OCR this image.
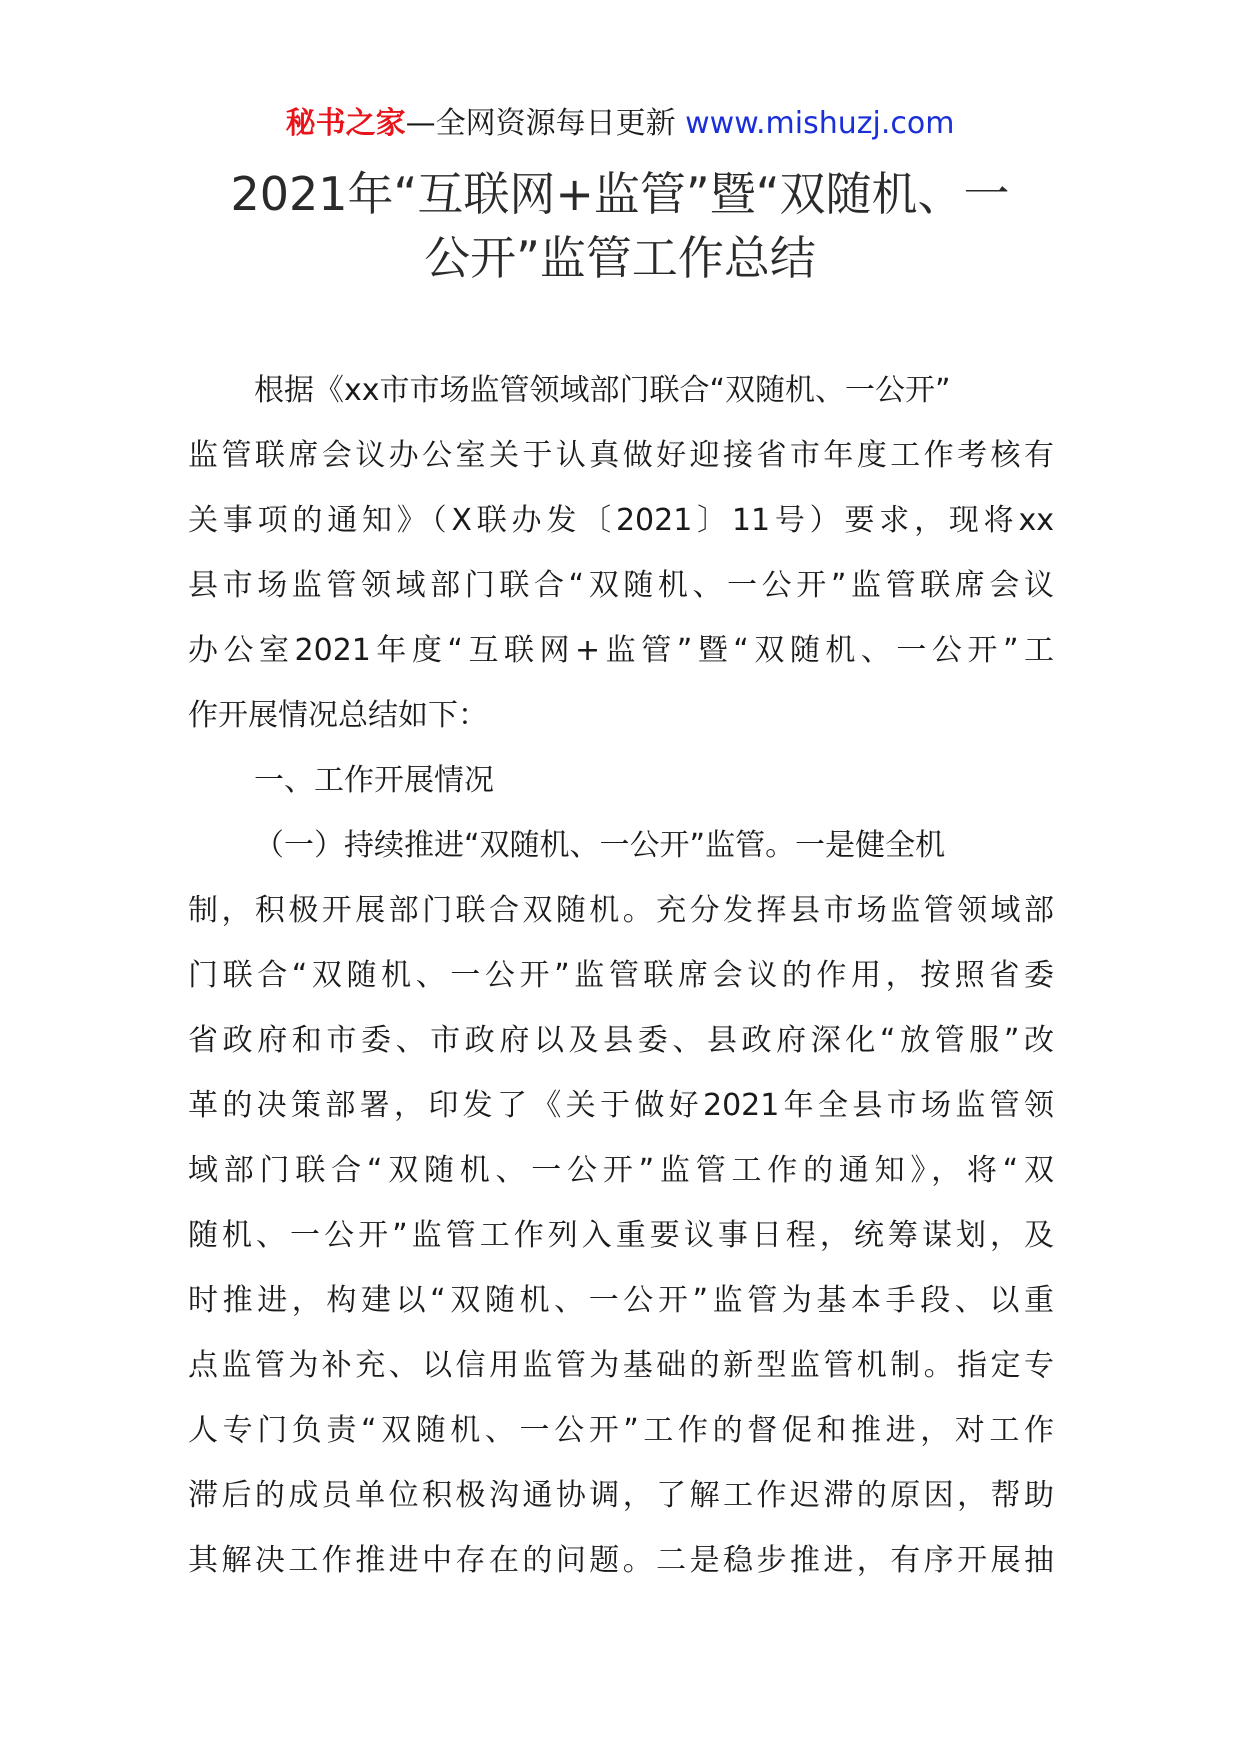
秘书之家—全网资源每日更新 www.mishuzj.com
2021年“互联网+监管”暨“双随机、一
公开”监管工作总结
根据《xx市市场监管领域部门联合“双随机、一公开”
监管联席会议办公室关于认真做好迎接省市年度工作考核有
关事项的通知》（X联办发〔2021〕11号）要求，现将xx
县市场监管领域部门联合“双随机、一公开”监管联席会议
办公室2021年度“互联网+监管”暨“双随机、一公开”工
作开展情况总结如下：
一、工作开展情况
（一）持续推进“双随机、一公开”监管。一是健全机
制，积极开展部门联合双随机。充分发挥县市场监管领域部
门联合“双随机、一公开”监管联席会议的作用，按照省委
省政府和市委、市政府以及县委、县政府深化“放管服”改
革的决策部署，印发了《关于做好2021年全县市场监管领
域部门联合“双随机、一公开”监管工作的通知》，将“双
随机、一公开”监管工作列入重要议事日程，统筹谋划，及
时推进，构建以“双随机、一公开”监管为基本手段、以重
点监管为补充、以信用监管为基础的新型监管机制。指定专
人专门负责“双随机、一公开”工作的督促和推进，对工作
滞后的成员单位积极沟通协调，了解工作迟滞的原因，帮助
其解决工作推进中存在的问题。二是稳步推进，有序开展抽
